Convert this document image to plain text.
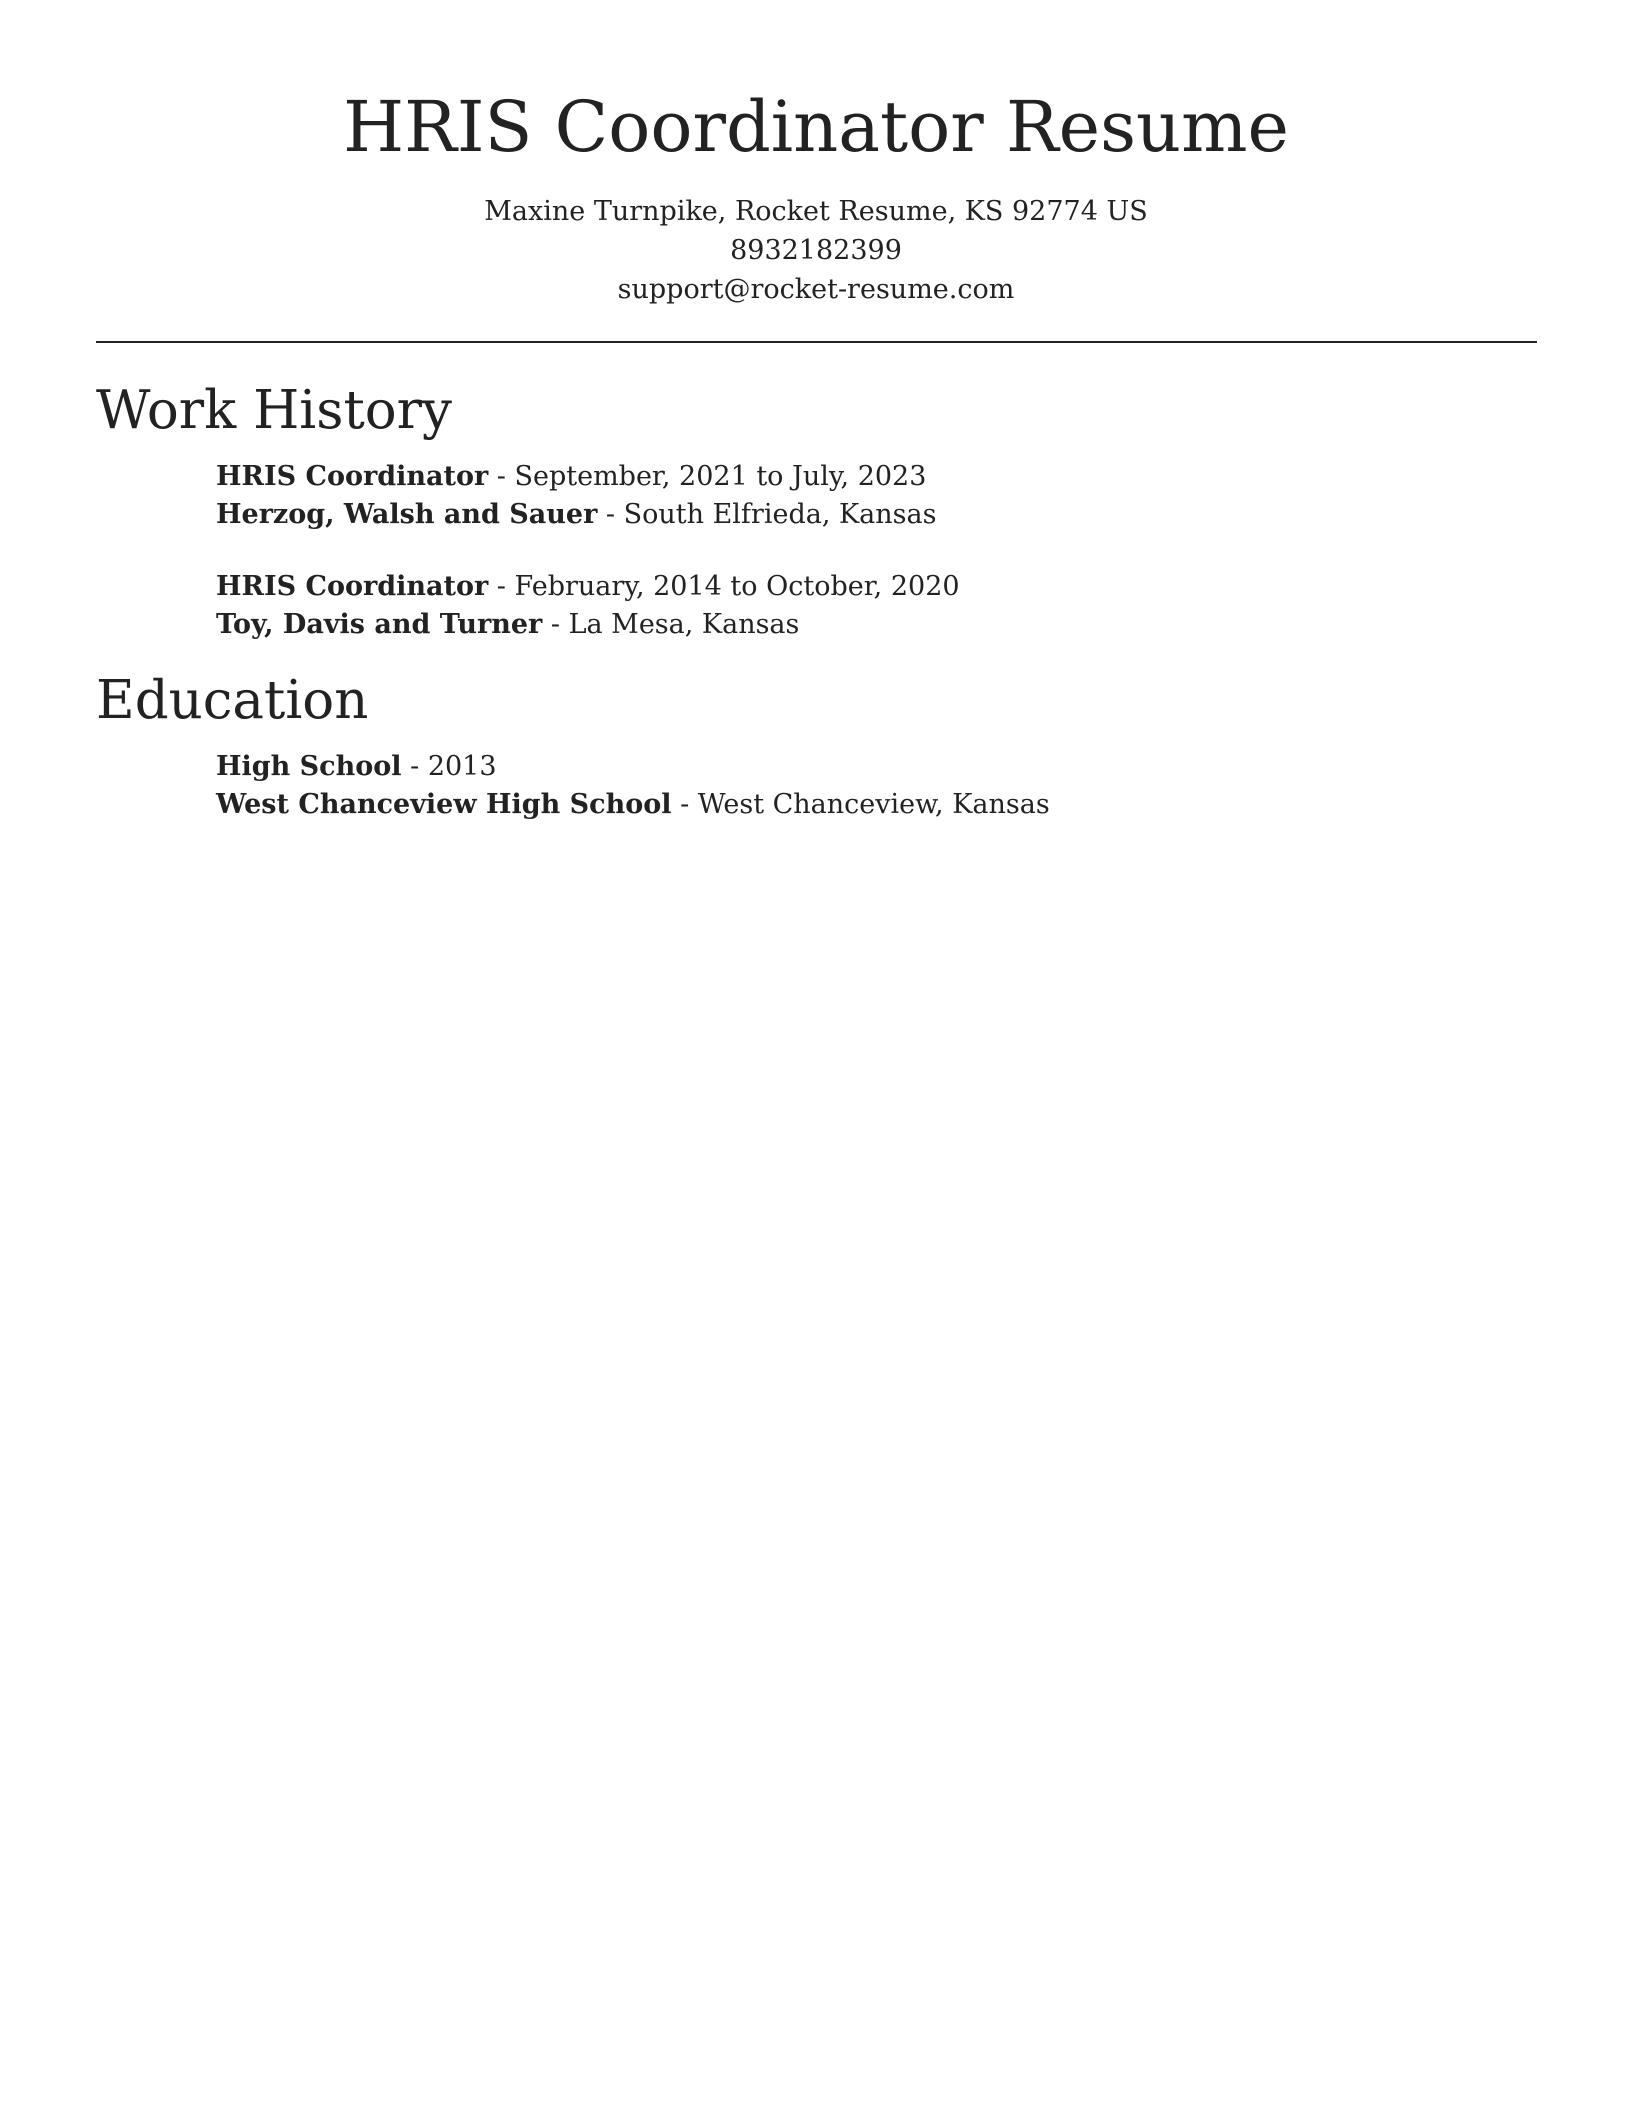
HRIS Coordinator Resume
Maxine Turnpike, Rocket Resume, KS 92774 US
8932182399
support@rocket-resume.com
Work History
HRIS Coordinator - September, 2021 to July, 2023
Herzog, Walsh and Sauer - South Elfrieda, Kansas
HRIS Coordinator - February, 2014 to October, 2020
Toy, Davis and Turner - La Mesa, Kansas
Education
High School - 2013
West Chanceview High School - West Chanceview, Kansas
